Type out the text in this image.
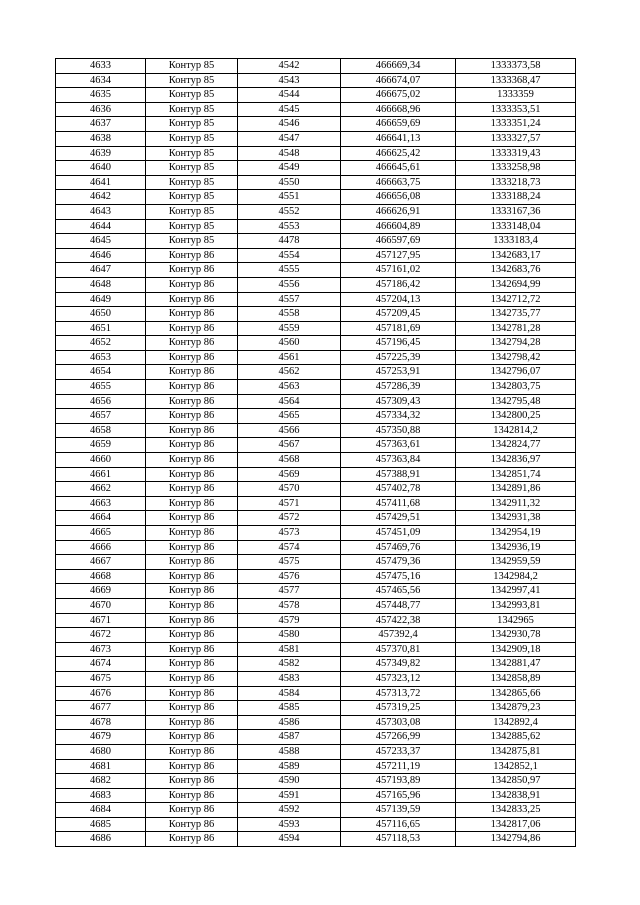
4633	Контур 85	4542	466669,34	1333373,58
4634	Контур 85	4543	466674,07	1333368,47
4635	Контур 85	4544	466675,02	1333359
4636	Контур 85	4545	466668,96	1333353,51
4637	Контур 85	4546	466659,69	1333351,24
4638	Контур 85	4547	466641,13	1333327,57
4639	Контур 85	4548	466625,42	1333319,43
4640	Контур 85	4549	466645,61	1333258,98
4641	Контур 85	4550	466663,75	1333218,73
4642	Контур 85	4551	466656,08	1333188,24
4643	Контур 85	4552	466626,91	1333167,36
4644	Контур 85	4553	466604,89	1333148,04
4645	Контур 85	4478	466597,69	1333183,4
4646	Контур 86	4554	457127,95	1342683,17
4647	Контур 86	4555	457161,02	1342683,76
4648	Контур 86	4556	457186,42	1342694,99
4649	Контур 86	4557	457204,13	1342712,72
4650	Контур 86	4558	457209,45	1342735,77
4651	Контур 86	4559	457181,69	1342781,28
4652	Контур 86	4560	457196,45	1342794,28
4653	Контур 86	4561	457225,39	1342798,42
4654	Контур 86	4562	457253,91	1342796,07
4655	Контур 86	4563	457286,39	1342803,75
4656	Контур 86	4564	457309,43	1342795,48
4657	Контур 86	4565	457334,32	1342800,25
4658	Контур 86	4566	457350,88	1342814,2
4659	Контур 86	4567	457363,61	1342824,77
4660	Контур 86	4568	457363,84	1342836,97
4661	Контур 86	4569	457388,91	1342851,74
4662	Контур 86	4570	457402,78	1342891,86
4663	Контур 86	4571	457411,68	1342911,32
4664	Контур 86	4572	457429,51	1342931,38
4665	Контур 86	4573	457451,09	1342954,19
4666	Контур 86	4574	457469,76	1342936,19
4667	Контур 86	4575	457479,36	1342959,59
4668	Контур 86	4576	457475,16	1342984,2
4669	Контур 86	4577	457465,56	1342997,41
4670	Контур 86	4578	457448,77	1342993,81
4671	Контур 86	4579	457422,38	1342965
4672	Контур 86	4580	457392,4	1342930,78
4673	Контур 86	4581	457370,81	1342909,18
4674	Контур 86	4582	457349,82	1342881,47
4675	Контур 86	4583	457323,12	1342858,89
4676	Контур 86	4584	457313,72	1342865,66
4677	Контур 86	4585	457319,25	1342879,23
4678	Контур 86	4586	457303,08	1342892,4
4679	Контур 86	4587	457266,99	1342885,62
4680	Контур 86	4588	457233,37	1342875,81
4681	Контур 86	4589	457211,19	1342852,1
4682	Контур 86	4590	457193,89	1342850,97
4683	Контур 86	4591	457165,96	1342838,91
4684	Контур 86	4592	457139,59	1342833,25
4685	Контур 86	4593	457116,65	1342817,06
4686	Контур 86	4594	457118,53	1342794,86
